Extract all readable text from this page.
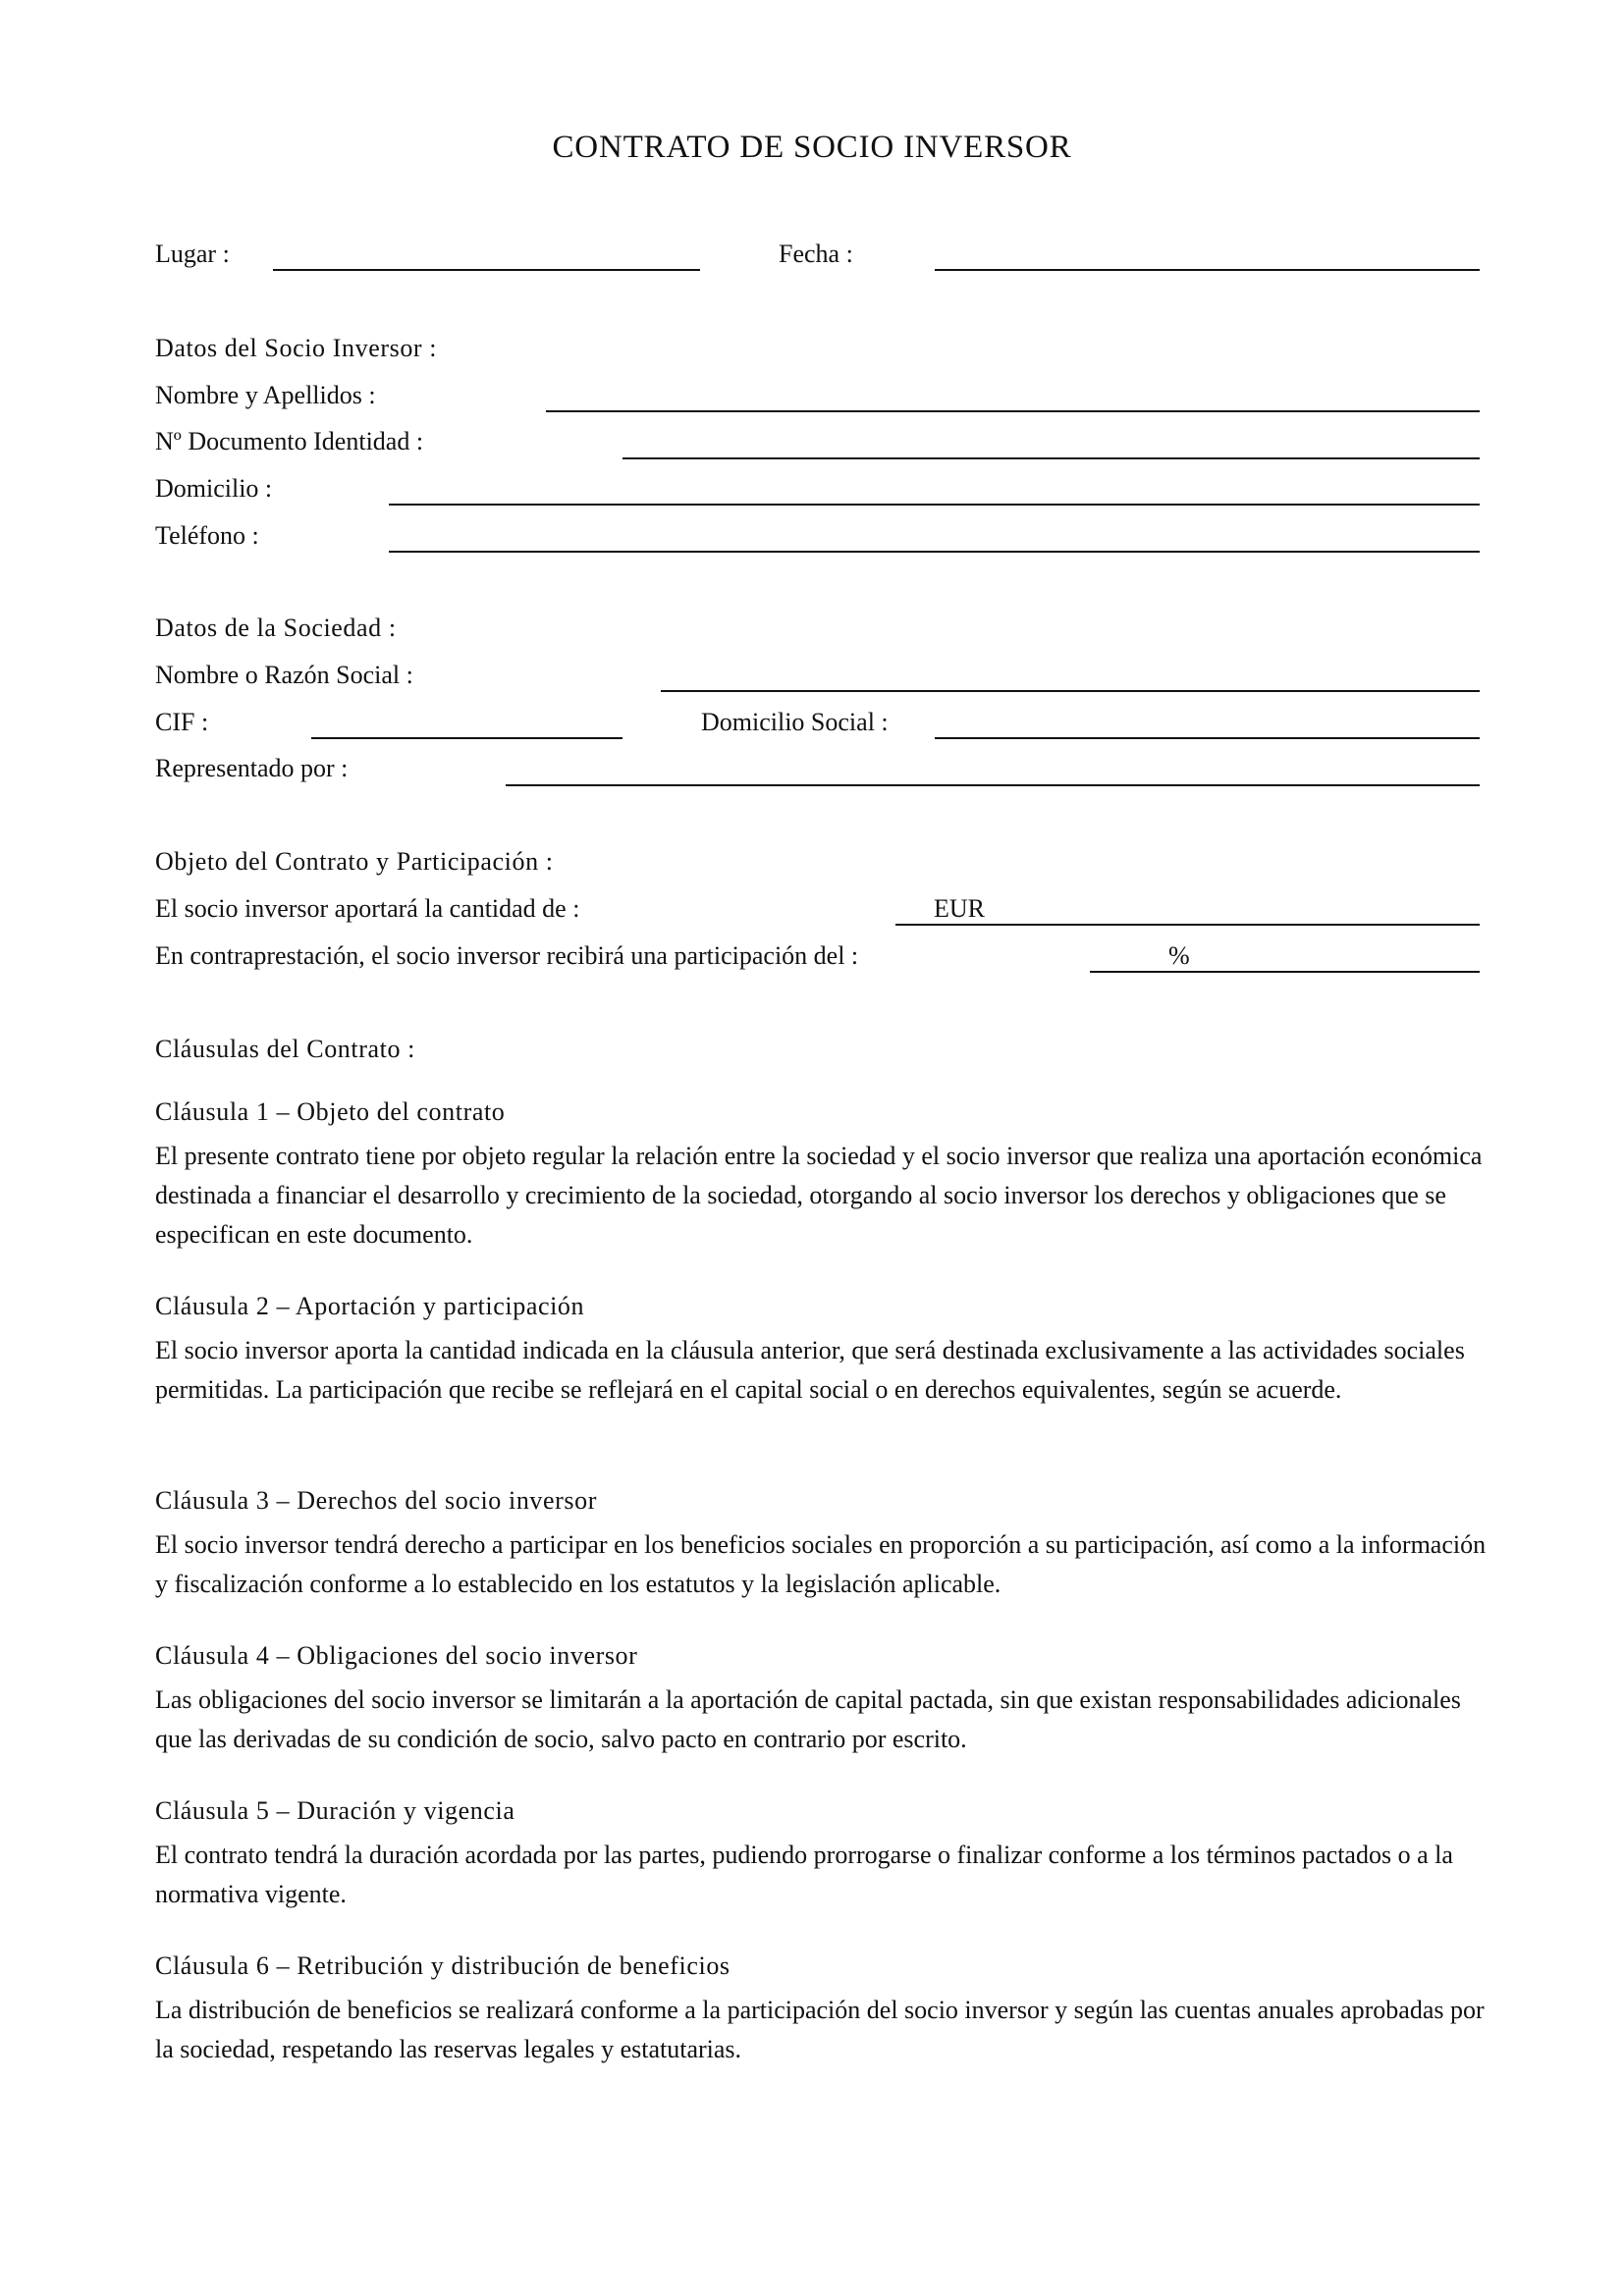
CONTRATO DE SOCIO INVERSOR
Lugar :	Fecha :
Datos del Socio Inversor :
Nombre y Apellidos :
Nº Documento Identidad :
Domicilio :
Teléfono :
Datos de la Sociedad :
Nombre o Razón Social :
CIF :	Domicilio Social :
Representado por :
Objeto del Contrato y Participación :
El socio inversor aportará la cantidad de :	EUR
En contraprestación, el socio inversor recibirá una participación del :	%
Cláusulas del Contrato :
Cláusula 1 – Objeto del contrato
El presente contrato tiene por objeto regular la relación entre la sociedad y el socio inversor que realiza una aportación económica destinada a financiar el desarrollo y crecimiento de la sociedad, otorgando al socio inversor los derechos y obligaciones que se especifican en este documento.
Cláusula 2 – Aportación y participación
El socio inversor aporta la cantidad indicada en la cláusula anterior, que será destinada exclusivamente a las actividades sociales permitidas. La participación que recibe se reflejará en el capital social o en derechos equivalentes, según se acuerde.
Cláusula 3 – Derechos del socio inversor
El socio inversor tendrá derecho a participar en los beneficios sociales en proporción a su participación, así como a la información y fiscalización conforme a lo establecido en los estatutos y la legislación aplicable.
Cláusula 4 – Obligaciones del socio inversor
Las obligaciones del socio inversor se limitarán a la aportación de capital pactada, sin que existan responsabilidades adicionales que las derivadas de su condición de socio, salvo pacto en contrario por escrito.
Cláusula 5 – Duración y vigencia
El contrato tendrá la duración acordada por las partes, pudiendo prorrogarse o finalizar conforme a los términos pactados o a la normativa vigente.
Cláusula 6 – Retribución y distribución de beneficios
La distribución de beneficios se realizará conforme a la participación del socio inversor y según las cuentas anuales aprobadas por la sociedad, respetando las reservas legales y estatutarias.
